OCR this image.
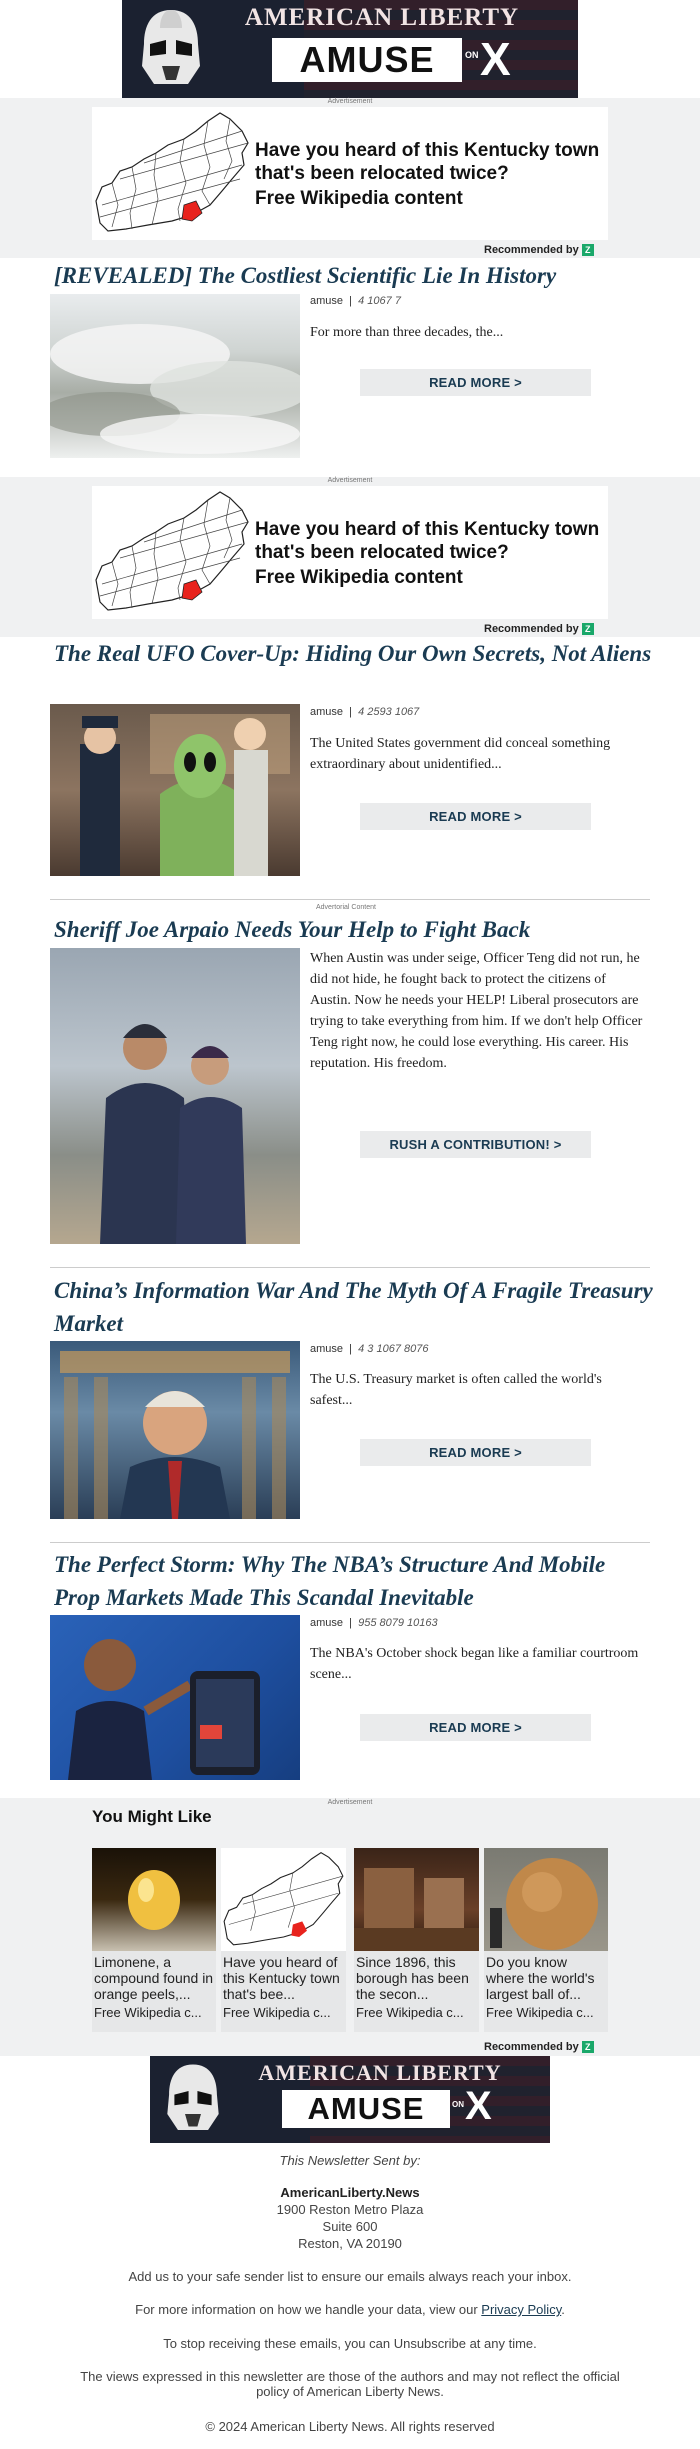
AMERICAN LIBERTY
AMUSE	ON X
Advertisement
Have you heard of this Kentucky town that's been relocated twice?
Free Wikipedia content
Recommended by Z
[REVEALED] The Costliest Scientific Lie In History
amuse  |  4 1067 7
For more than three decades, the...
READ MORE >
Advertisement
Have you heard of this Kentucky town that's been relocated twice?
Free Wikipedia content
Recommended by Z
The Real UFO Cover-Up: Hiding Our Own Secrets, Not Aliens
amuse  |  4 2593 1067
The United States government did conceal something extraordinary about unidentified...
READ MORE >
Advertorial Content
Sheriff Joe Arpaio Needs Your Help to Fight Back
When Austin was under seige, Officer Teng did not run, he did not hide, he fought back to protect the citizens of Austin. Now he needs your HELP! Liberal prosecutors are trying to take everything from him. If we don't help Officer Teng right now, he could lose everything. His career. His reputation. His freedom.
RUSH A CONTRIBUTION! >
China’s Information War And The Myth Of A Fragile Treasury Market
amuse  |  4 3 1067 8076
The U.S. Treasury market is often called the world's safest...
READ MORE >
The Perfect Storm: Why The NBA’s Structure And Mobile Prop Markets Made This Scandal Inevitable
amuse  |  955 8079 10163
The NBA's October shock began like a familiar courtroom scene...
READ MORE >
Advertisement
You Might Like
Limonene, a compound found in orange peels,...
Free Wikipedia c...
Have you heard of this Kentucky town that's bee...
Free Wikipedia c...
Since 1896, this borough has been the secon...
Free Wikipedia c...
Do you know where the world's largest ball of...
Free Wikipedia c...
Recommended by Z
AMERICAN LIBERTY
AMUSE	ON X
This Newsletter Sent by:
AmericanLiberty.News
1900 Reston Metro Plaza
Suite 600
Reston, VA 20190
Add us to your safe sender list to ensure our emails always reach your inbox.
For more information on how we handle your data, view our Privacy Policy.
To stop receiving these emails, you can Unsubscribe at any time.
The views expressed in this newsletter are those of the authors and may not reflect the official policy of American Liberty News.
© 2024 American Liberty News. All rights reserved
